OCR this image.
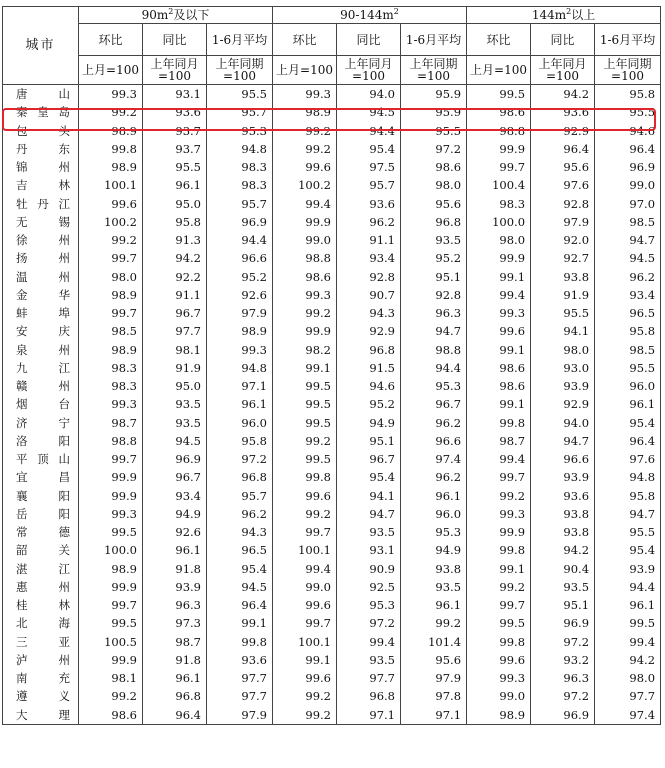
城市	$90m^2$及以下			$90-144m^2$			$144m^2$以上		
	环比	同比	1-6月平均	环比	同比	1-6月平均	环比	同比	1-6月平均
	上月=100	上年同月=100	上年同期=100	上月=100	上年同月=100	上年同期=100	上月=100	上年同月=100	上年同期=100
唐山	99.3	93.1	95.5	99.3	94.0	95.9	99.5	94.2	95.8
秦皇岛	99.2	93.6	95.7	98.9	94.5	95.9	98.6	93.6	95.5
包头	98.9	93.7	95.3	99.2	94.4	95.5	98.8	92.9	94.6
丹东	99.8	93.7	94.8	99.2	95.4	97.2	99.9	96.4	96.4
锦州	98.9	95.5	98.3	99.6	97.5	98.6	99.7	95.6	96.9
吉林	100.1	96.1	98.3	100.2	95.7	98.0	100.4	97.6	99.0
牡丹江	99.6	95.0	95.7	99.4	93.6	95.6	98.3	92.8	97.0
无锡	100.2	95.8	96.9	99.9	96.2	96.8	100.0	97.9	98.5
徐州	99.2	91.3	94.4	99.0	91.1	93.5	98.0	92.0	94.7
扬州	99.7	94.2	96.6	98.8	93.4	95.2	99.9	92.7	94.5
温州	98.0	92.2	95.2	98.6	92.8	95.1	99.1	93.8	96.2
金华	98.9	91.1	92.6	99.3	90.7	92.8	99.4	91.9	93.4
蚌埠	99.7	96.7	97.9	99.2	94.3	96.3	99.3	95.5	96.5
安庆	98.5	97.7	98.9	99.9	92.9	94.7	99.6	94.1	95.8
泉州	98.9	98.1	99.3	98.2	96.8	98.8	99.1	98.0	98.5
九江	98.3	91.9	94.8	99.1	91.5	94.4	98.6	93.0	95.5
赣州	98.3	95.0	97.1	99.5	94.6	95.3	98.6	93.9	96.0
烟台	99.3	93.5	96.1	99.5	95.2	96.7	99.1	92.9	96.1
济宁	98.7	93.5	96.0	99.5	94.9	96.2	99.8	94.0	95.4
洛阳	98.8	94.5	95.8	99.2	95.1	96.6	98.7	94.7	96.4
平顶山	99.7	96.9	97.2	99.5	96.7	97.4	99.4	96.6	97.6
宜昌	99.9	96.7	96.8	99.8	95.4	96.2	99.7	93.9	94.8
襄阳	99.9	93.4	95.7	99.6	94.1	96.1	99.2	93.6	95.8
岳阳	99.3	94.9	96.2	99.2	94.7	96.0	99.3	93.8	94.7
常德	99.5	92.6	94.3	99.7	93.5	95.3	99.9	93.8	95.5
韶关	100.0	96.1	96.5	100.1	93.1	94.9	99.8	94.2	95.4
湛江	98.9	91.8	95.4	99.4	90.9	93.8	99.1	90.4	93.9
惠州	99.9	93.9	94.5	99.0	92.5	93.5	99.2	93.5	94.4
桂林	99.7	96.3	96.4	99.6	95.3	96.1	99.7	95.1	96.1
北海	99.5	97.3	99.1	99.7	97.2	99.2	99.5	96.9	99.5
三亚	100.5	98.7	99.8	100.1	99.4	101.4	99.8	97.2	99.4
泸州	99.9	91.8	93.6	99.1	93.5	95.6	99.6	93.2	94.2
南充	98.1	96.1	97.7	99.6	97.7	97.9	99.3	96.3	98.0
遵义	99.2	96.8	97.7	99.2	96.8	97.8	99.0	97.2	97.7
大理	98.6	96.4	97.9	99.2	97.1	97.1	98.9	96.9	97.4
